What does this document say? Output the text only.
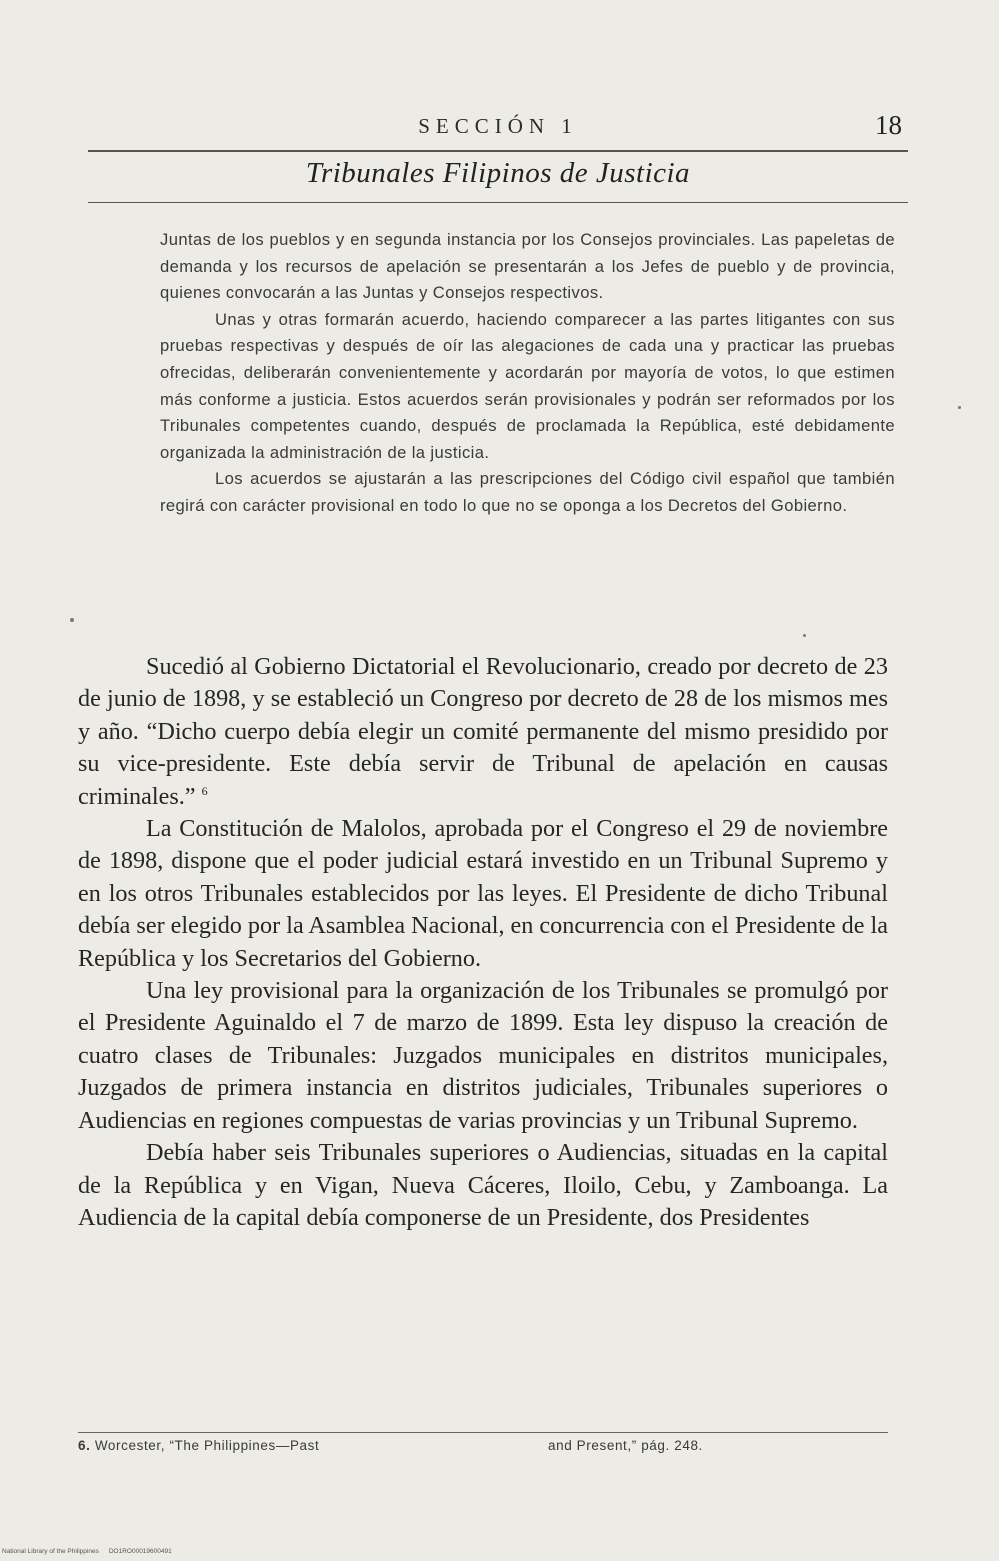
SECCIÓN 1	18
Tribunales Filipinos de Justicia

Juntas de los pueblos y en segunda instancia por los Consejos provinciales. Las papeletas de demanda y los recursos de apelación se presentarán a los Jefes de pueblo y de provincia, quienes convocarán a las Juntas y Consejos respectivos.

Unas y otras formarán acuerdo, haciendo comparecer a las partes litigantes con sus pruebas respectivas y después de oír las alegaciones de cada una y practicar las pruebas ofrecidas, deliberarán convenientemente y acordarán por mayoría de votos, lo que estimen más conforme a justicia. Estos acuerdos serán provisionales y podrán ser reformados por los Tribunales competentes cuando, después de proclamada la República, esté debidamente organizada la administración de la justicia.

Los acuerdos se ajustarán a las prescripciones del Código civil español que también regirá con carácter provisional en todo lo que no se oponga a los Decretos del Gobierno.

Sucedió al Gobierno Dictatorial el Revolucionario, creado por decreto de 23 de junio de 1898, y se estableció un Congreso por decreto de 28 de los mismos mes y año. “Dicho cuerpo debía elegir un comité permanente del mismo presidido por su vice-presidente. Este debía servir de Tribunal de apelación en causas criminales.” $^6$

La Constitución de Malolos, aprobada por el Congreso el 29 de noviembre de 1898, dispone que el poder judicial estará investido en un Tribunal Supremo y en los otros Tribunales establecidos por las leyes. El Presidente de dicho Tribunal debía ser elegido por la Asamblea Nacional, en concurrencia con el Presidente de la República y los Secretarios del Gobierno.

Una ley provisional para la organización de los Tribunales se promulgó por el Presidente Aguinaldo el 7 de marzo de 1899. Esta ley dispuso la creación de cuatro clases de Tribunales: Juzgados municipales en distritos municipales, Juzgados de primera instancia en distritos judiciales, Tribunales superiores o Audiencias en regiones compuestas de varias provincias y un Tribunal Supremo.

Debía haber seis Tribunales superiores o Audiencias, situadas en la capital de la República y en Vigan, Nueva Cáceres, Iloilo, Cebu, y Zamboanga. La Audiencia de la capital debía componerse de un Presidente, dos Presidentes

6. Worcester, “The Philippines—Past	and Present,” pág. 248.
National Library of the Philippines DO1RO00019600491
